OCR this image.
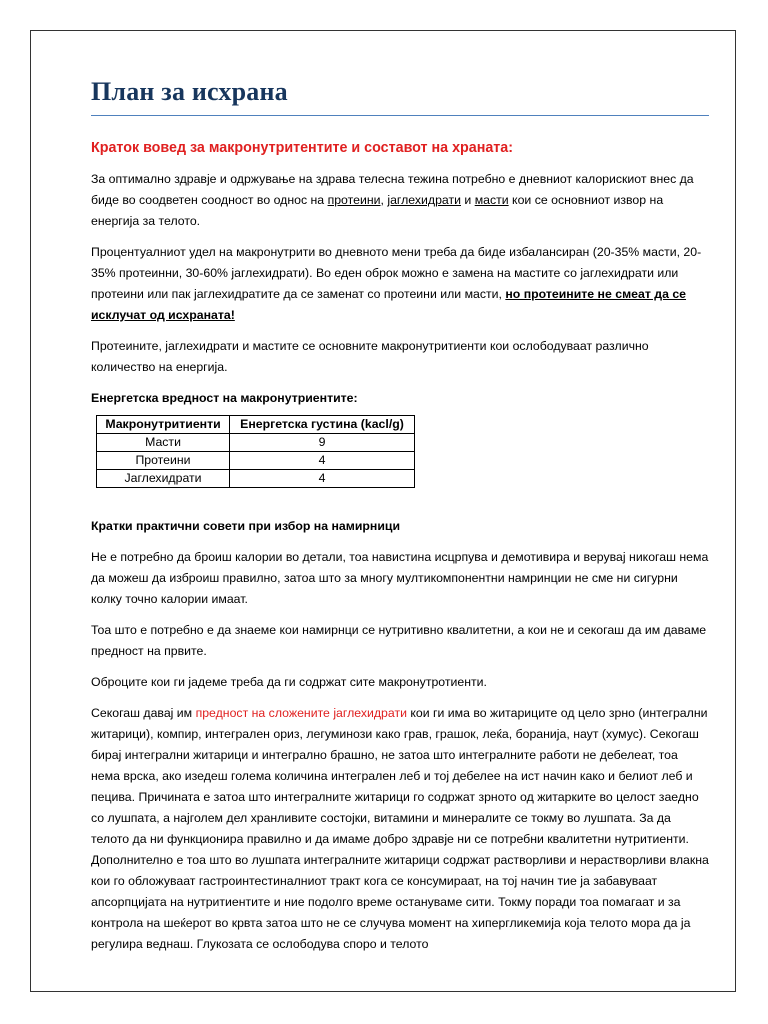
План за исхрана
Краток вовед за макронутритентите и составот на храната:

За оптимално здравје и одржување на здрава телесна тежина потребно е дневниот калорискиот внес да биде во соодветен соодност во однос на протеини, јаглехидрати и масти кои се основниот извор на енергија за телото.

Процентуалниот удел на макронутрити во дневното мени треба да биде избалансиран (20-35% масти, 20-35% протеинни, 30-60% јаглехидрати). Во еден оброк можно е замена на мастите со јаглехидрати или протеини или пак јаглехидратите да се заменат со протеини или масти, но протеините не смеат да се исклучат од исхраната!

Протеините, јаглехидрати и мастите се основните макронутритиенти кои ослободуваат различно количество на енергија.

Енергетска вредност на макронутриентите:
Макронутритиенти	Енергетска густина (kacl/g)
Масти	9
Протеини	4
Јаглехидрати	4
Кратки практични совети при избор на намирници

Не е потребно да броиш калории во детали, тоа навистина исцрпува и демотивира и верувај никогаш нема да можеш да изброиш правилно, затоа што за многу мултикомпонентни намринции не сме ни сигурни колку точно калории имаат.

Тоа што е потребно е да знаеме кои намирнци се нутритивно квалитетни, а кои не и секогаш да им даваме предност на првите.

Оброците кои ги јадеме треба да ги содржат сите макронутротиенти.

Секогаш давај им предност на сложените јаглехидрати кои ги има во житариците од цело зрно (интегрални житарици), компир, интегрален ориз, легуминози како грав, грашок, леќа, боранија, наут (хумус). Секогаш бирај интегрални житарици и интегрално брашно, не затоа што интегралните работи не дебелеат, тоа нема врска, ако изедеш голема количина интегрален леб и тој дебелее на ист начин како и белиот леб и пецива. Причината е затоа што интегралните житарици го содржат зрното од житарките во целост заедно со лушпата, а најголем дел хранливите состојки, витамини и минералите се токму во лушпата. За да телото да ни функционира правилно и да имаме добро здравје ни се потребни квалитетни нутритиенти. Дополнително е тоа што во лушпата интегралните житарици содржат растворливи и нерастворливи влакна кои го обложуваат гастроинтестиналниот тракт кога се консумираат, на тој начин тие ја забавуваат апсорпцијата на нутритиентите и ние подолго време остануваме сити. Токму поради тоа помагаат и за контрола на шеќерот во крвта затоа што не се случува момент на хипергликемија која телото мора да ја регулира веднаш. Глукозата се ослободува споро и телото
